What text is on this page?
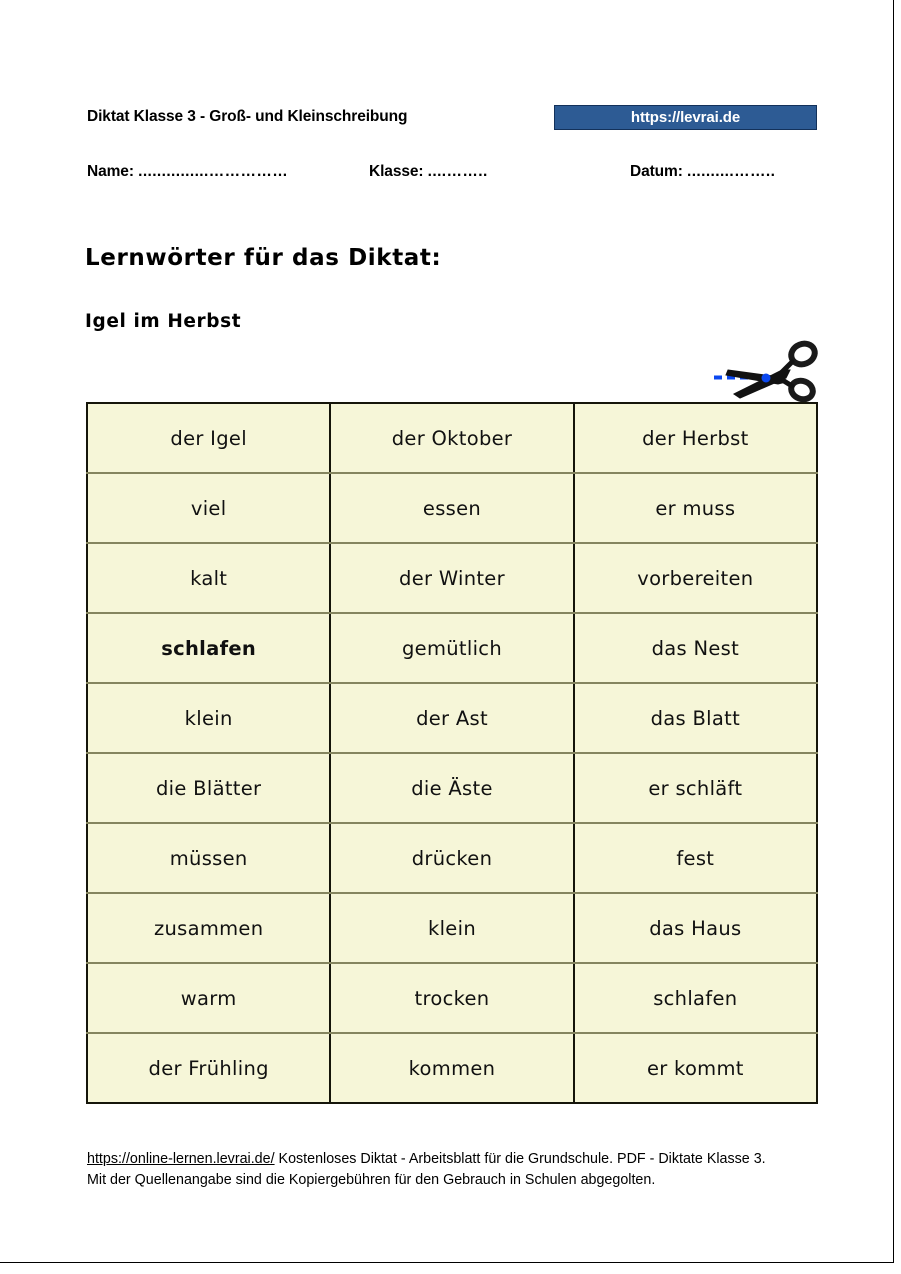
Diktat Klasse 3 - Groß- und Kleinschreibung	https://levrai.de
Name: ...............……………	Klasse: ....……..	Datum: ..........……..
Lernwörter für das Diktat:
Igel im Herbst
der Igel	der Oktober	der Herbst
viel	essen	er muss
kalt	der Winter	vorbereiten
schlafen	gemütlich	das Nest
klein	der Ast	das Blatt
die Blätter	die Äste	er schläft
müssen	drücken	fest
zusammen	klein	das Haus
warm	trocken	schlafen
der Frühling	kommen	er kommt
https://online-lernen.levrai.de/ Kostenloses Diktat - Arbeitsblatt für die Grundschule. PDF - Diktate Klasse 3.
Mit der Quellenangabe sind die Kopiergebühren für den Gebrauch in Schulen abgegolten.
